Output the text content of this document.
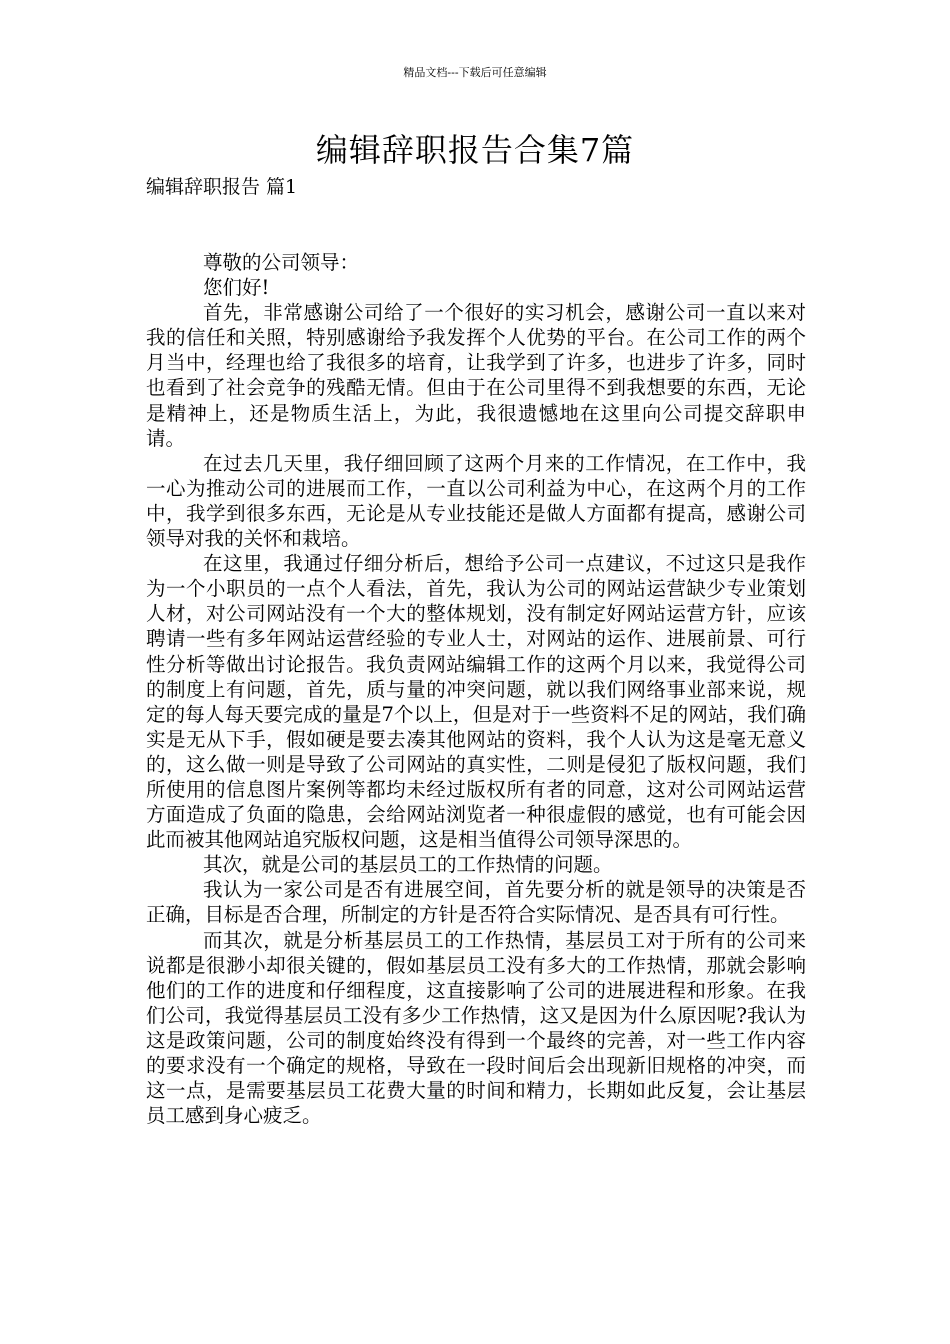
精品文档---下载后可任意编辑
编辑辞职报告合集7篇
编辑辞职报告 篇1

尊敬的公司领导：

您们好!

首先，非常感谢公司给了一个很好的实习机会，感谢公司一直以来对我的信任和关照，特别感谢给予我发挥个人优势的平台。在公司工作的两个月当中，经理也给了我很多的培育，让我学到了许多，也进步了许多，同时也看到了社会竞争的残酷无情。但由于在公司里得不到我想要的东西，无论是精神上，还是物质生活上，为此，我很遗憾地在这里向公司提交辞职申请。

在过去几天里，我仔细回顾了这两个月来的工作情况，在工作中，我一心为推动公司的进展而工作，一直以公司利益为中心，在这两个月的工作中，我学到很多东西，无论是从专业技能还是做人方面都有提高，感谢公司领导对我的关怀和栽培。

在这里，我通过仔细分析后，想给予公司一点建议，不过这只是我作为一个小职员的一点个人看法，首先，我认为公司的网站运营缺少专业策划人材，对公司网站没有一个大的整体规划，没有制定好网站运营方针，应该聘请一些有多年网站运营经验的专业人士，对网站的运作、进展前景、可行性分析等做出讨论报告。我负责网站编辑工作的这两个月以来，我觉得公司的制度上有问题，首先，质与量的冲突问题，就以我们网络事业部来说，规定的每人每天要完成的量是7个以上，但是对于一些资料不足的网站，我们确实是无从下手，假如硬是要去凑其他网站的资料，我个人认为这是毫无意义的，这么做一则是导致了公司网站的真实性，二则是侵犯了版权问题，我们所使用的信息图片案例等都均未经过版权所有者的同意，这对公司网站运营方面造成了负面的隐患，会给网站浏览者一种很虚假的感觉，也有可能会因此而被其他网站追究版权问题，这是相当值得公司领导深思的。

其次，就是公司的基层员工的工作热情的问题。

我认为一家公司是否有进展空间，首先要分析的就是领导的决策是否正确，目标是否合理，所制定的方针是否符合实际情况、是否具有可行性。

而其次，就是分析基层员工的工作热情，基层员工对于所有的公司来说都是很渺小却很关键的，假如基层员工没有多大的工作热情，那就会影响他们的工作的进度和仔细程度，这直接影响了公司的进展进程和形象。在我们公司，我觉得基层员工没有多少工作热情，这又是因为什么原因呢?我认为这是政策问题，公司的制度始终没有得到一个最终的完善，对一些工作内容的要求没有一个确定的规格，导致在一段时间后会出现新旧规格的冲突，而这一点，是需要基层员工花费大量的时间和精力，长期如此反复，会让基层员工感到身心疲乏。
